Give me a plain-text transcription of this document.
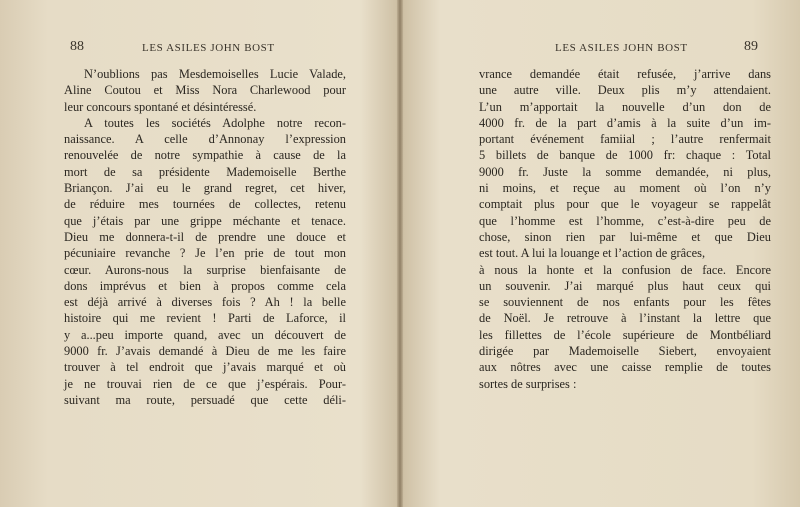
88	LES ASILES JOHN BOST
N’oublions pas Mesdemoiselles Lucie Valade,
Aline Coutou et Miss Nora Charlewood pour
leur concours spontané et désintéressé.
A toutes les sociétés Adolphe notre recon-
naissance. A celle d’Annonay l’expression
renouvelée de notre sympathie à cause de la
mort de sa présidente Mademoiselle Berthe
Briançon. J’ai eu le grand regret, cet hiver,
de réduire mes tournées de collectes, retenu
que j’étais par une grippe méchante et tenace.
Dieu me donnera-t-il de prendre une douce et
pécuniaire revanche ? Je l’en prie de tout mon
cœur. Aurons-nous la surprise bienfaisante de
dons imprévus et bien à propos comme cela
est déjà arrivé à diverses fois ? Ah ! la belle
histoire qui me revient ! Parti de Laforce, il
y a...peu importe quand, avec un découvert de
9000 fr. J’avais demandé à Dieu de me les faire
trouver à tel endroit que j’avais marqué et où
je ne trouvai rien de ce que j’espérais. Pour-
suivant ma route, persuadé que cette déli-
LES ASILES JOHN BOST	89
vrance demandée était refusée, j’arrive dans
une autre ville. Deux plis m’y attendaient.
L’un m’apportait la nouvelle d’un don de
4000 fr. de la part d’amis à la suite d’un im-
portant événement famiial ; l’autre renfermait
5 billets de banque de 1000 fr: chaque : Total
9000 fr. Juste la somme demandée, ni plus,
ni moins, et reçue au moment où l’on n’y
comptait plus pour que le voyageur se rappelât
que l’homme est l’homme, c’est-à-dire peu de
chose, sinon rien par lui-même et que Dieu
est tout. A lui la louange et l’action de grâces,
à nous la honte et la confusion de face. Encore
un souvenir. J’ai marqué plus haut ceux qui
se souviennent de nos enfants pour les fêtes
de Noël. Je retrouve à l’instant la lettre que
les fillettes de l’école supérieure de Montbéliard
dirigée par Mademoiselle Siebert, envoyaient
aux nôtres avec une caisse remplie de toutes
sortes de surprises :
